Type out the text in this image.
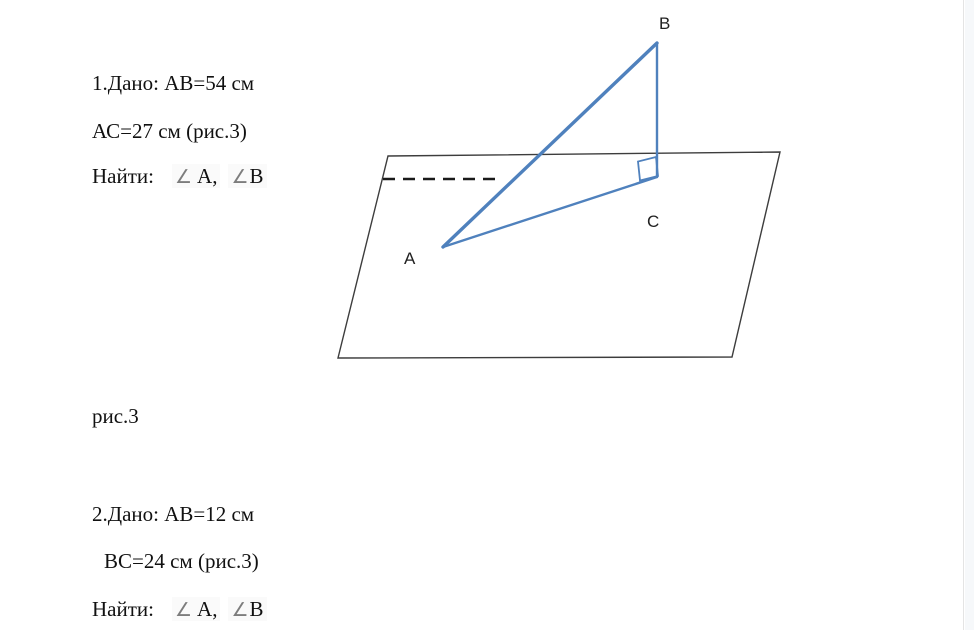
1.Дано: АВ=54 см
АС=27 см (рис.3)
Найти: ∠ А, ∠В
B
C
A
рис.3
2.Дано: АВ=12 см
ВС=24 см (рис.3)
Найти: ∠ А, ∠В
